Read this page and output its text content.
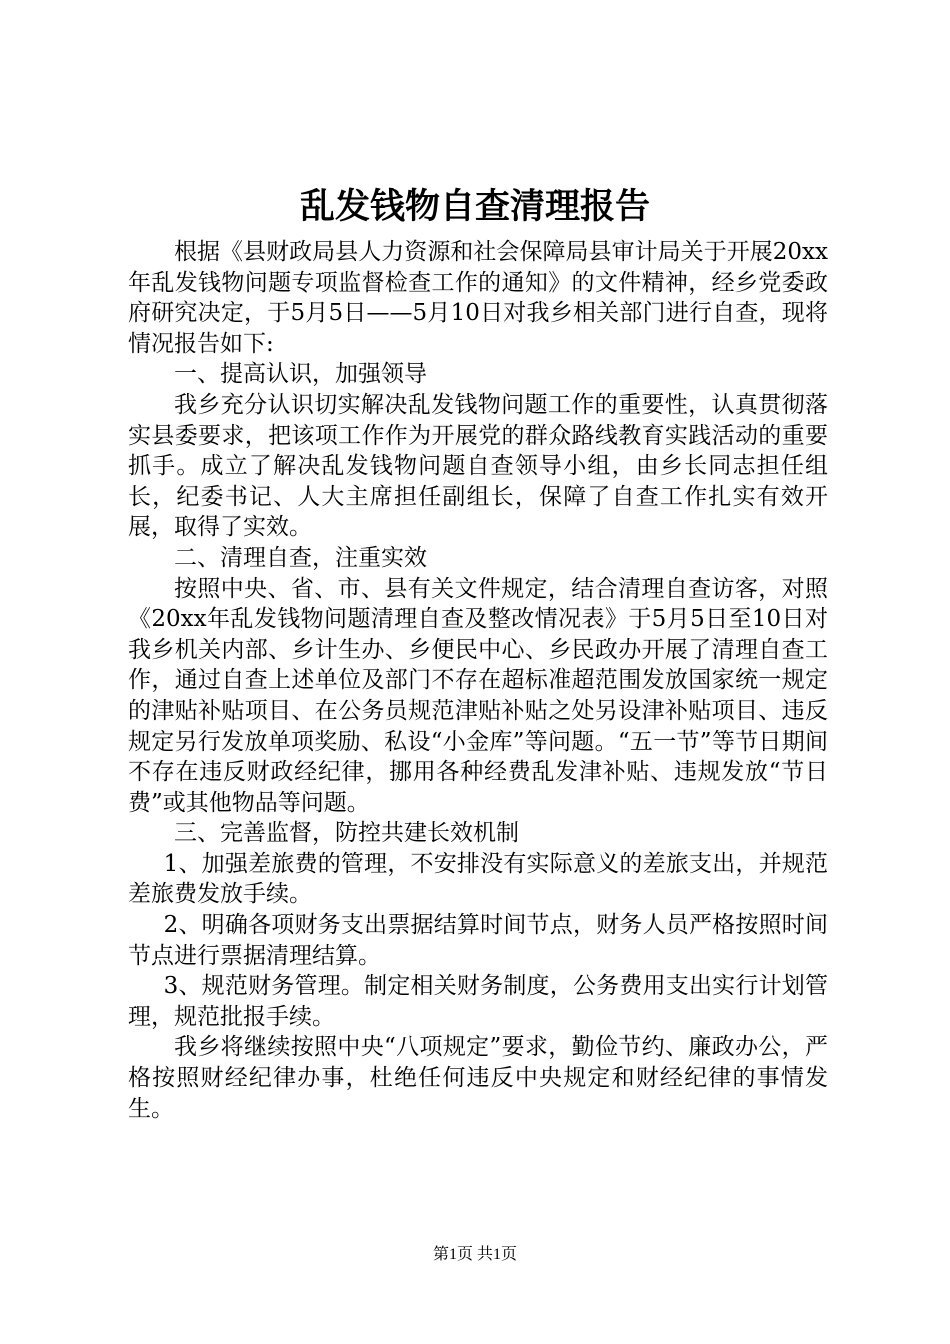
乱发钱物自查清理报告

根据《县财政局县人力资源和社会保障局县审计局关于开展20xx年乱发钱物问题专项监督检查工作的通知》的文件精神，经乡党委政府研究决定，于5月5日——5月10日对我乡相关部门进行自查，现将情况报告如下:

一、提高认识，加强领导

我乡充分认识切实解决乱发钱物问题工作的重要性，认真贯彻落实县委要求，把该项工作作为开展党的群众路线教育实践活动的重要抓手。成立了解决乱发钱物问题自查领导小组，由乡长同志担任组长，纪委书记、人大主席担任副组长，保障了自查工作扎实有效开展，取得了实效。

二、清理自查，注重实效

按照中央、省、市、县有关文件规定，结合清理自查访客，对照《20xx年乱发钱物问题清理自查及整改情况表》于5月5日至10日对我乡机关内部、乡计生办、乡便民中心、乡民政办开展了清理自查工作，通过自查上述单位及部门不存在超标准超范围发放国家统一规定的津贴补贴项目、在公务员规范津贴补贴之处另设津补贴项目、违反规定另行发放单项奖励、私设“小金库”等问题。“五一节”等节日期间不存在违反财政经纪律，挪用各种经费乱发津补贴、违规发放“节日费”或其他物品等问题。

三、完善监督，防控共建长效机制

1、加强差旅费的管理，不安排没有实际意义的差旅支出，并规范差旅费发放手续。

2、明确各项财务支出票据结算时间节点，财务人员严格按照时间节点进行票据清理结算。

3、规范财务管理。制定相关财务制度，公务费用支出实行计划管理，规范批报手续。

我乡将继续按照中央“八项规定”要求，勤俭节约、廉政办公，严格按照财经纪律办事，杜绝任何违反中央规定和财经纪律的事情发生。

第1页 共1页
